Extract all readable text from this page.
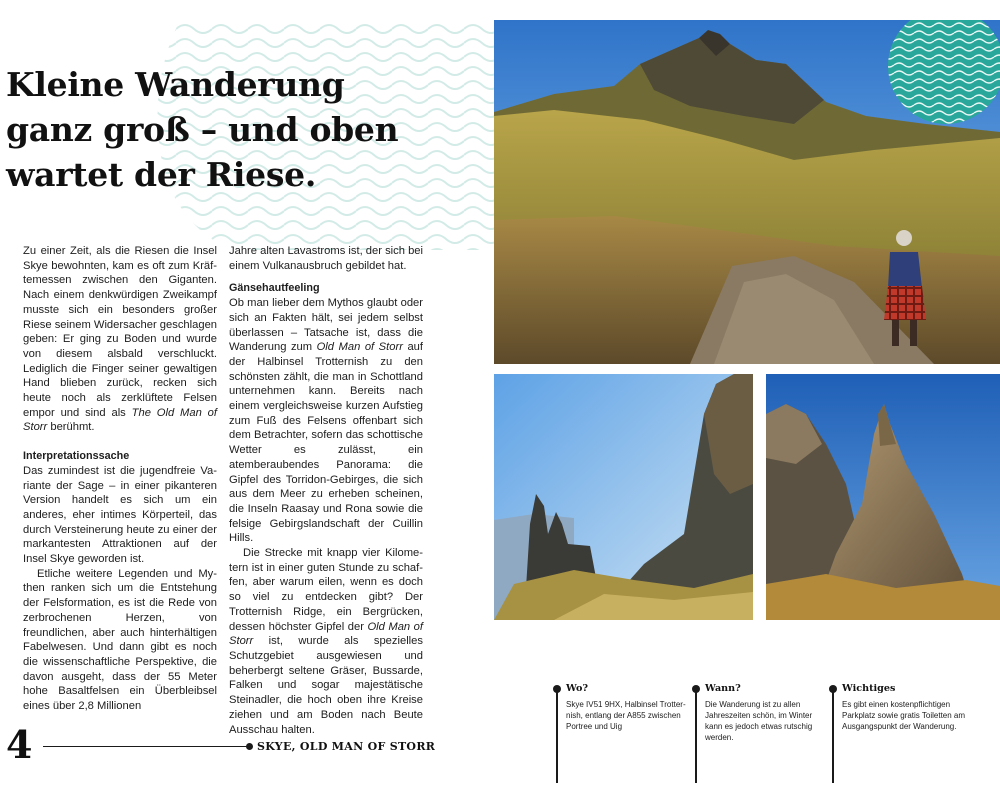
Kleine Wanderung
ganz groß – und oben
wartet der Riese.

Zu einer Zeit, als die Riesen die Insel Skye bewohnten, kam es oft zum Kräftemessen zwischen den Giganten. Nach einem denkwürdigen Zweikampf musste sich ein besonders großer Riese seinem Widersacher geschlagen geben: Er ging zu Boden und wurde von diesem alsbald verschluckt. Lediglich die Finger seiner gewaltigen Hand blieben zurück, recken sich heute noch als zerklüftete Felsen empor und sind als The Old Man of Storr berühmt.

Interpretationssache

Das zumindest ist die jugendfreie Variante der Sage – in einer pikanteren Version handelt es sich um ein anderes, eher intimes Körperteil, das durch Versteinerung heute zu einer der markantesten Attraktionen auf der Insel Skye geworden ist.

Etliche weitere Legenden und Mythen ranken sich um die Entstehung der Felsformation, es ist die Rede von zerbrochenen Herzen, von freundlichen, aber auch hinterhältigen Fabelwesen. Und dann gibt es noch die wissenschaftliche Perspektive, die davon ausgeht, dass der 55 Meter hohe Basaltfelsen ein Überbleibsel eines über 2,8 Millionen

Jahre alten Lavastroms ist, der sich bei einem Vulkanausbruch gebildet hat.

Gänsehautfeeling

Ob man lieber dem Mythos glaubt oder sich an Fakten hält, sei jedem selbst überlassen – Tatsache ist, dass die Wanderung zum Old Man of Storr auf der Halbinsel Trotternish zu den schönsten zählt, die man in Schottland unternehmen kann. Bereits nach einem vergleichsweise kurzen Aufstieg zum Fuß des Felsens offenbart sich dem Betrachter, sofern das schottische Wetter es zulässt, ein atemberaubendes Panorama: die Gipfel des Torridon-Gebirges, die sich aus dem Meer zu erheben scheinen, die Inseln Raasay und Rona sowie die felsige Gebirgslandschaft der Cuillin Hills.

Die Strecke mit knapp vier Kilometern ist in einer guten Stunde zu schaffen, aber warum eilen, wenn es doch so viel zu entdecken gibt? Der Trotternish Ridge, ein Bergrücken, dessen höchster Gipfel der Old Man of Storr ist, wurde als spezielles Schutzgebiet ausgewiesen und beherbergt seltene Gräser, Bussarde, Falken und sogar majestätische Steinadler, die hoch oben ihre Kreise ziehen und am Boden nach Beute Ausschau halten.

4	SKYE, OLD MAN OF STORR
Wo?
Skye IV51 9HX, Halbinsel Trotternish, entlang der A855 zwischen Portree und Uig
Wann?
Die Wanderung ist zu allen Jahreszeiten schön, im Winter kann es jedoch etwas rutschig werden.
Wichtiges
Es gibt einen kostenpflichtigen Parkplatz sowie gratis Toiletten am Ausgangspunkt der Wanderung.
